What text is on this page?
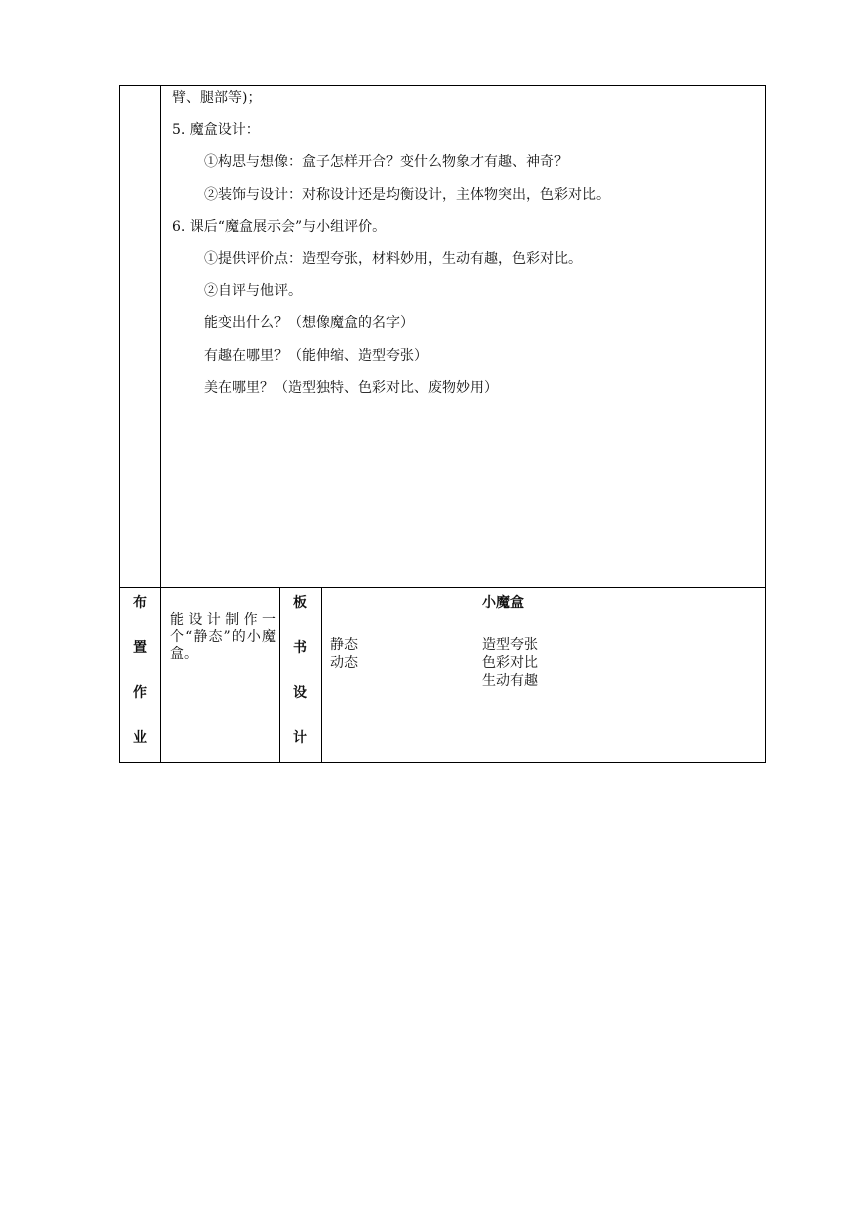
臂、腿部等)；
5. 魔盒设计：
①构思与想像：盒子怎样开合？变什么物象才有趣、神奇？
②装饰与设计：对称设计还是均衡设计，主体物突出，色彩对比。
6. 课后“魔盒展示会”与小组评价。
①提供评价点：造型夸张，材料妙用，生动有趣，色彩对比。
②自评与他评。
能变出什么？（想像魔盒的名字）
有趣在哪里？（能伸缩、造型夸张）
美在哪里？（造型独特、色彩对比、废物妙用）
布
置
作
业
能设计制作一个“静态”的小魔盒。
板
书
设
计
小魔盒
静态
动态
造型夸张
色彩对比
生动有趣
